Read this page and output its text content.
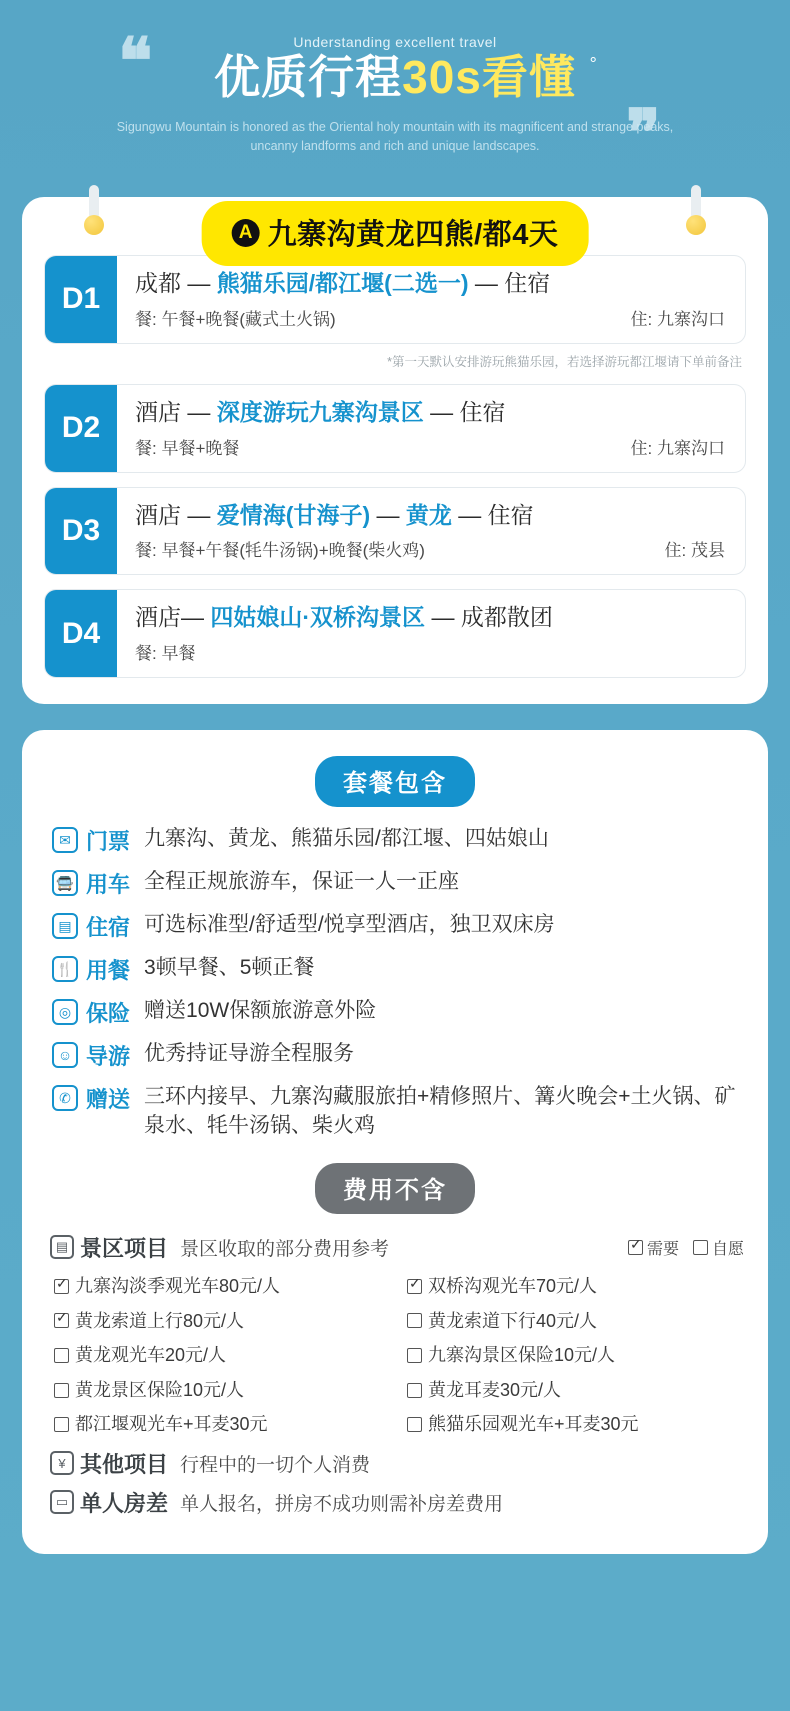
❝
❝
Understanding excellent travel
优质行程30s看懂 °
Sigungwu Mountain is honored as the Oriental holy mountain with its magnificent and strange peaks, uncanny landforms and rich and unique landscapes.
A 九寨沟黄龙四熊/都4天
D1	成都 — 熊猫乐园/都江堰(二选一) — 住宿
餐: 午餐+晚餐(藏式土火锅)	住: 九寨沟口
*第一天默认安排游玩熊猫乐园，若选择游玩都江堰请下单前备注
D2	酒店 — 深度游玩九寨沟景区 — 住宿
餐: 早餐+晚餐	住: 九寨沟口
D3	酒店 — 爱情海(甘海子) — 黄龙 — 住宿
餐: 早餐+午餐(牦牛汤锅)+晚餐(柴火鸡)	住: 茂县
D4	酒店— 四姑娘山·双桥沟景区 — 成都散团
餐: 早餐
套餐包含
✉ 门票 九寨沟、黄龙、熊猫乐园/都江堰、四姑娘山
🚍 用车 全程正规旅游车，保证一人一正座
▤ 住宿 可选标准型/舒适型/悦享型酒店，独卫双床房
🍴 用餐 3顿早餐、5顿正餐
◎ 保险 赠送10W保额旅游意外险
☺ 导游 优秀持证导游全程服务
✆ 赠送 三环内接早、九寨沟藏服旅拍+精修照片、篝火晚会+土火锅、矿泉水、牦牛汤锅、柴火鸡
费用不含
▤ 景区项目 景区收取的部分费用参考 ✓	需要 自愿
✓
九寨沟淡季观光车80元/人 ✓	双桥沟观光车70元/人
✓
黄龙索道上行80元/人	黄龙索道下行40元/人
黄龙观光车20元/人	九寨沟景区保险10元/人
黄龙景区保险10元/人	黄龙耳麦30元/人
都江堰观光车+耳麦30元	熊猫乐园观光车+耳麦30元
¥ 其他项目 行程中的一切个人消费
▭ 单人房差 单人报名，拼房不成功则需补房差费用
